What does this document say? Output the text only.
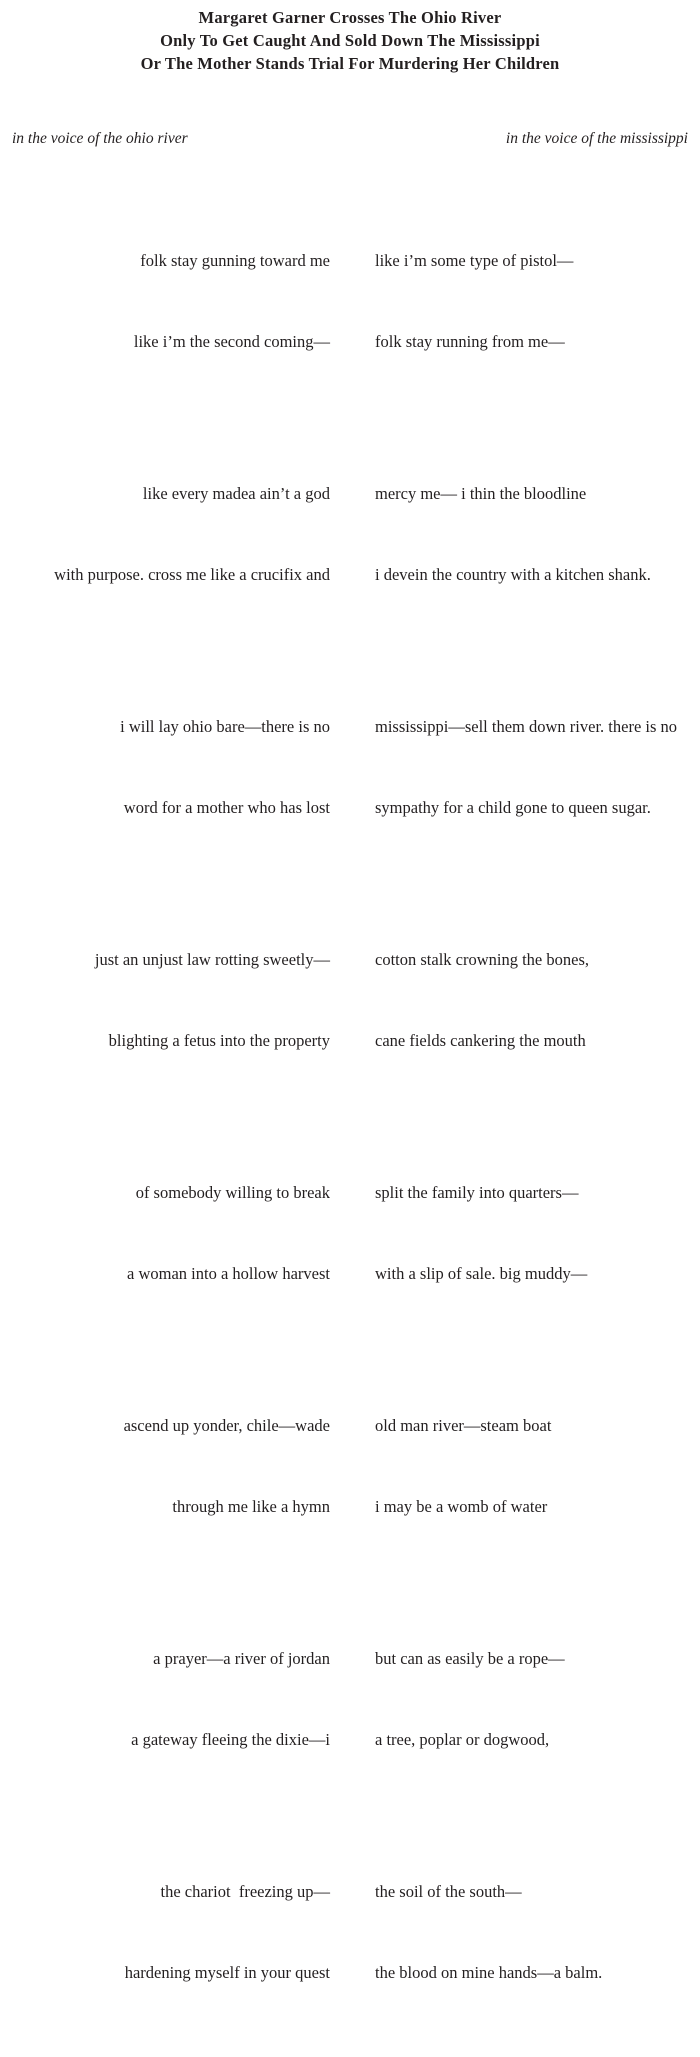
Margaret Garner Crosses The Ohio River
Only To Get Caught And Sold Down The Mississippi
Or The Mother Stands Trial For Murdering Her Children
in the voice of the ohio river	in the voice of the mississippi

folk stay gunning toward me

like i’m the second coming—

like i’m some type of pistol—

folk stay running from me—

like every madea ain’t a god

with purpose. cross me like a crucifix and

mercy me— i thin the bloodline

i devein the country with a kitchen shank.

i will lay ohio bare—there is no

word for a mother who has lost

mississippi—sell them down river. there is no

sympathy for a child gone to queen sugar.

just an unjust law rotting sweetly—

blighting a fetus into the property

cotton stalk crowning the bones,

cane fields cankering the mouth

of somebody willing to break

a woman into a hollow harvest

split the family into quarters—

with a slip of sale. big muddy—

ascend up yonder, chile—wade

through me like a hymn

old man river—steam boat

i may be a womb of water

a prayer—a river of jordan

a gateway fleeing the dixie—i

but can as easily be a rope—

a tree, poplar or dogwood,

the chariot  freezing up—

hardening myself in your quest

the soil of the south—

the blood on mine hands—a balm.
